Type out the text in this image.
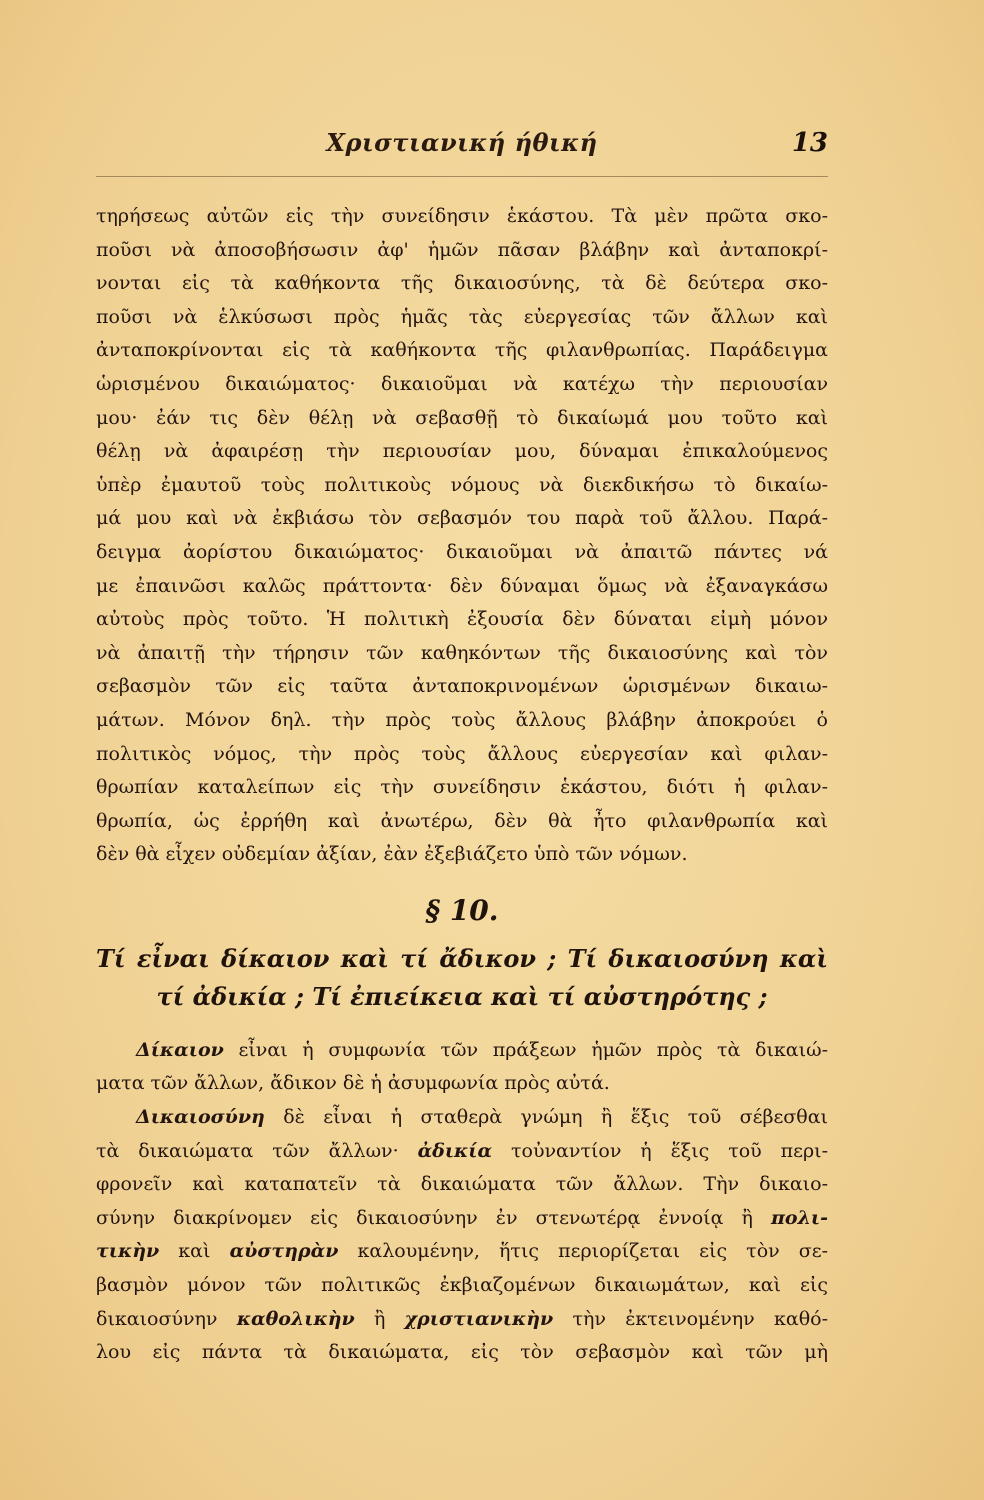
Χριστιανική ήθική	13
τηρήσεως αὐτῶν εἰς τὴν συνείδησιν ἑκάστου. Τὰ μὲν πρῶτα σκο-
ποῦσι νὰ ἀποσοβήσωσιν ἀφ' ἡμῶν πᾶσαν βλάβην καὶ ἀνταποκρί-
νονται εἰς τὰ καθήκοντα τῆς δικαιοσύνης, τὰ δὲ δεύτερα σκο-
ποῦσι νὰ ἑλκύσωσι πρὸς ἡμᾶς τὰς εὐεργεσίας τῶν ἄλλων καὶ
ἀνταποκρίνονται εἰς τὰ καθήκοντα τῆς φιλανθρωπίας. Παράδειγμα
ὡρισμένου δικαιώματος· δικαιοῦμαι νὰ κατέχω τὴν περιουσίαν
μου· ἐάν τις δὲν θέλῃ νὰ σεβασθῇ τὸ δικαίωμά μου τοῦτο καὶ
θέλῃ νὰ ἀφαιρέσῃ τὴν περιουσίαν μου, δύναμαι ἐπικαλούμενος
ὑπὲρ ἐμαυτοῦ τοὺς πολιτικοὺς νόμους νὰ διεκδικήσω τὸ δικαίω-
μά μου καὶ νὰ ἐκβιάσω τὸν σεβασμόν του παρὰ τοῦ ἄλλου. Παρά-
δειγμα ἀορίστου δικαιώματος· δικαιοῦμαι νὰ ἀπαιτῶ πάντες νά
με ἐπαινῶσι καλῶς πράττοντα· δὲν δύναμαι ὅμως νὰ ἐξαναγκάσω
αὐτοὺς πρὸς τοῦτο. Ἡ πολιτικὴ ἐξουσία δὲν δύναται εἰμὴ μόνον
νὰ ἀπαιτῇ τὴν τήρησιν τῶν καθηκόντων τῆς δικαιοσύνης καὶ τὸν
σεβασμὸν τῶν εἰς ταῦτα ἀνταποκρινομένων ὡρισμένων δικαιω-
μάτων. Μόνον δηλ. τὴν πρὸς τοὺς ἄλλους βλάβην ἀποκρούει ὁ
πολιτικὸς νόμος, τὴν πρὸς τοὺς ἄλλους εὐεργεσίαν καὶ φιλαν-
θρωπίαν καταλείπων εἰς τὴν συνείδησιν ἑκάστου, διότι ἡ φιλαν-
θρωπία, ὡς ἐρρήθη καὶ ἀνωτέρω, δὲν θὰ ἦτο φιλανθρωπία καὶ
δὲν θὰ εἶχεν οὐδεμίαν ἀξίαν, ἐὰν ἐξεβιάζετο ὑπὸ τῶν νόμων.
§ 10.
Τί εἶναι δίκαιον καὶ τί ἄδικον ; Τί δικαιοσύνη καὶ
τί ἀδικία ; Τί ἐπιείκεια καὶ τί αὐστηρότης ;
Δίκαιον εἶναι ἡ συμφωνία τῶν πράξεων ἡμῶν πρὸς τὰ δικαιώ-
ματα τῶν ἄλλων, ἄδικον δὲ ἡ ἀσυμφωνία πρὸς αὐτά.
Δικαιοσύνη δὲ εἶναι ἡ σταθερὰ γνώμη ἢ ἕξις τοῦ σέβεσθαι
τὰ δικαιώματα τῶν ἄλλων· ἀδικία τοὐναντίον ἡ ἕξις τοῦ περι-
φρονεῖν καὶ καταπατεῖν τὰ δικαιώματα τῶν ἄλλων. Τὴν δικαιο-
σύνην διακρίνομεν εἰς δικαιοσύνην ἐν στενωτέρᾳ ἐννοίᾳ ἢ πολι-
τικὴν καὶ αὐστηρὰν καλουμένην, ἥτις περιορίζεται εἰς τὸν σε-
βασμὸν μόνον τῶν πολιτικῶς ἐκβιαζομένων δικαιωμάτων, καὶ εἰς
δικαιοσύνην καθολικὴν ἢ χριστιανικὴν τὴν ἐκτεινομένην καθό-
λου εἰς πάντα τὰ δικαιώματα, εἰς τὸν σεβασμὸν καὶ τῶν μὴ
